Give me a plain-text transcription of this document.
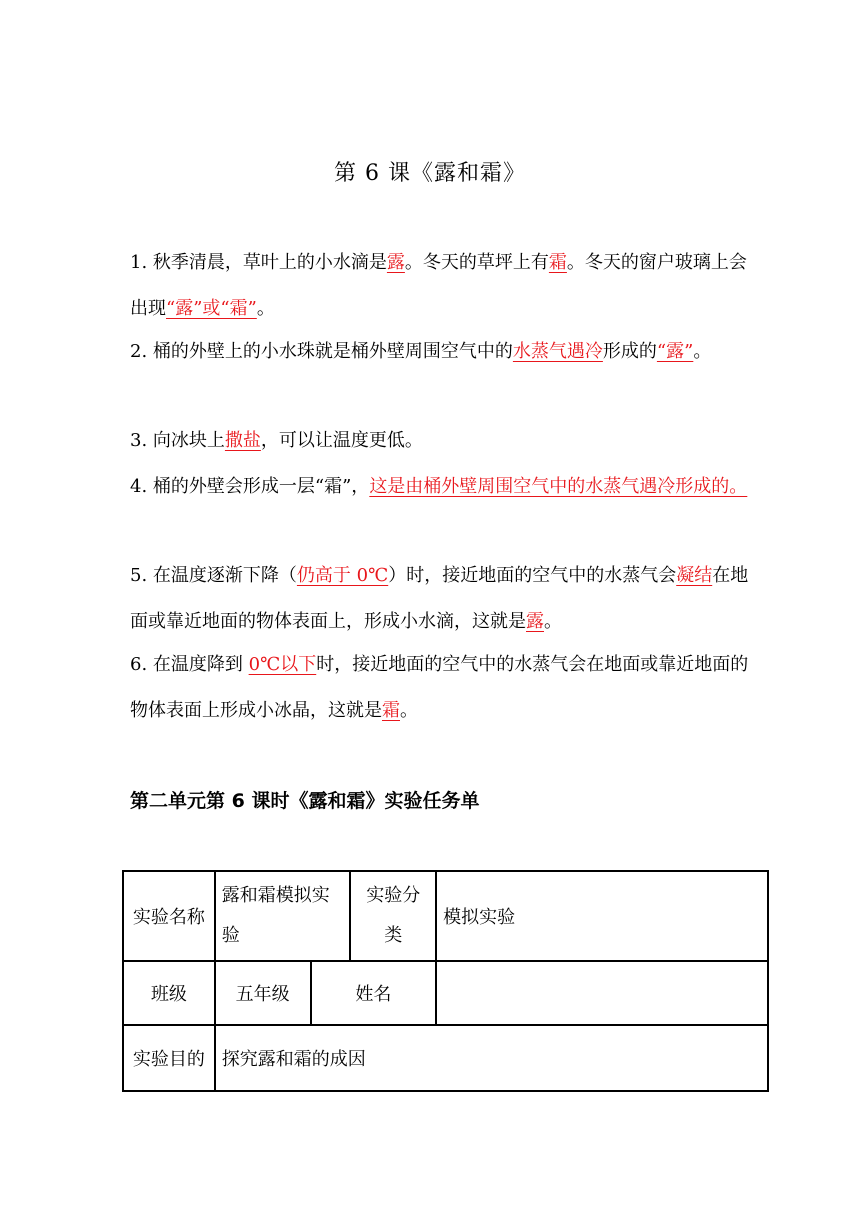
第 6 课《露和霜》
1. 秋季清晨，草叶上的小水滴是露。冬天的草坪上有霜。冬天的窗户玻璃上会出现“露”或“霜”。
2. 桶的外壁上的小水珠就是桶外壁周围空气中的水蒸气遇冷形成的“露”。
3. 向冰块上撒盐，可以让温度更低。
4. 桶的外壁会形成一层“霜”，这是由桶外壁周围空气中的水蒸气遇冷形成的。
5. 在温度逐渐下降（仍高于 0℃）时，接近地面的空气中的水蒸气会凝结在地面或靠近地面的物体表面上，形成小水滴，这就是露。
6. 在温度降到 0℃以下时，接近地面的空气中的水蒸气会在地面或靠近地面的物体表面上形成小冰晶，这就是霜。
第二单元第 6 课时《露和霜》实验任务单
实验名称	露和霜模拟实验		实验分类	模拟实验
班级	五年级	姓名		
实验目的	探究露和霜的成因			
